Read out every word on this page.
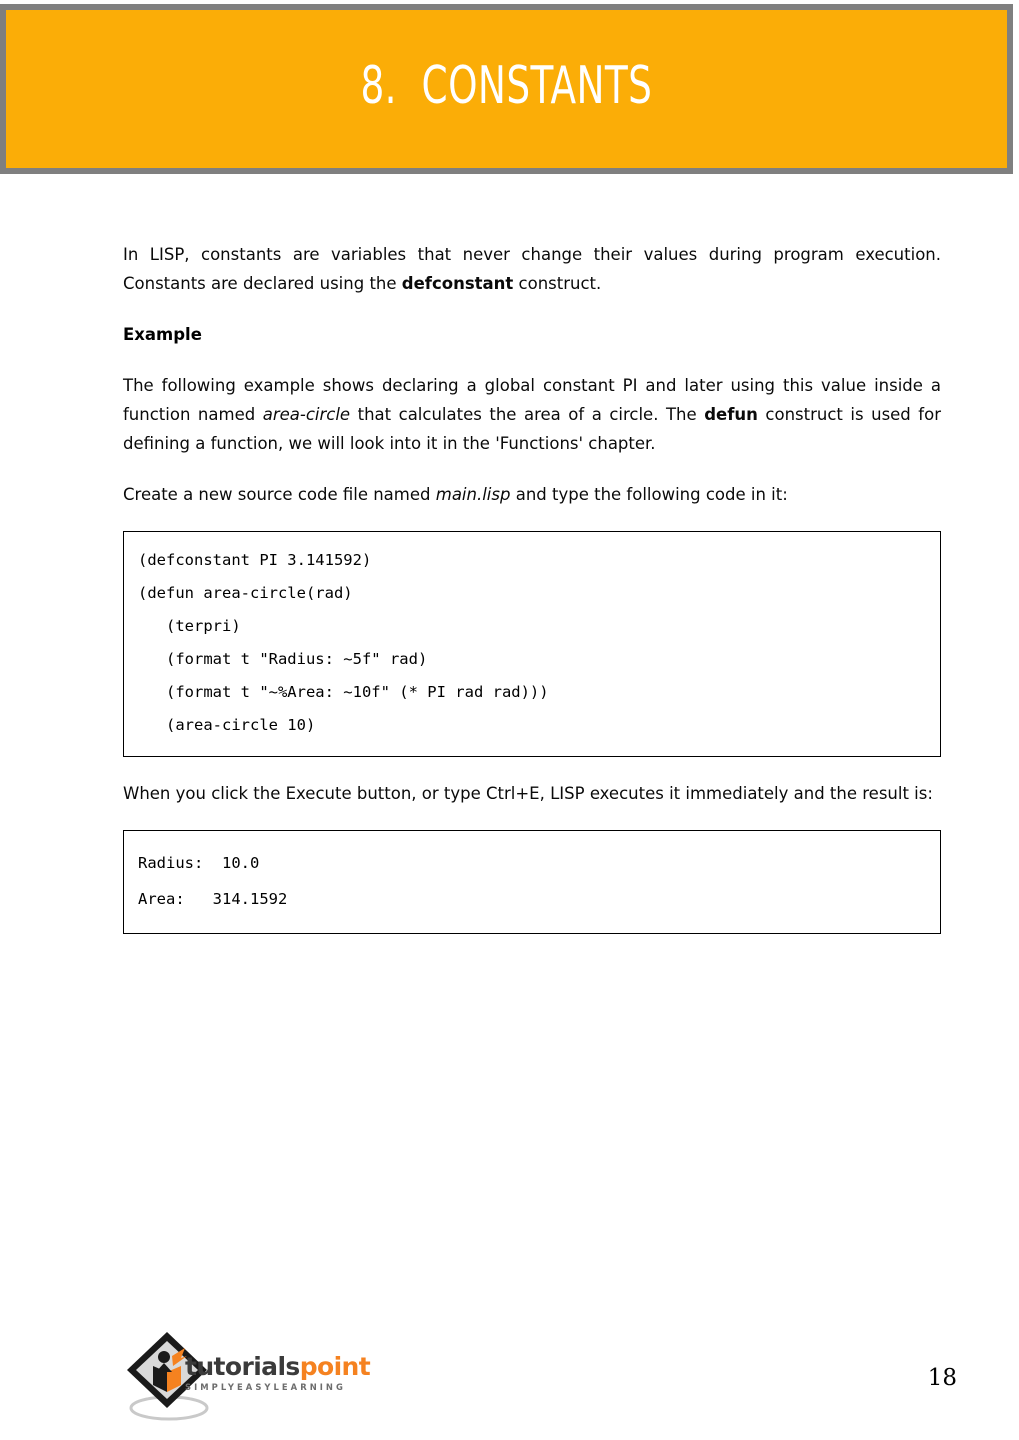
8.  CONSTANTS

In LISP, constants are variables that never change their values during program execution. Constants are declared using the defconstant construct.

Example

The following example shows declaring a global constant PI and later using this value inside a function named area-circle that calculates the area of a circle. The defun construct is used for defining a function, we will look into it in the 'Functions' chapter.

Create a new source code file named main.lisp and type the following code in it:

(defconstant PI 3.141592)
(defun area-circle(rad)
(terpri)
(format t "Radius: ~5f" rad)
(format t "~%Area: ~10f" (* PI rad rad)))
(area-circle 10)

When you click the Execute button, or type Ctrl+E, LISP executes it immediately and the result is:

Radius:  10.0
Area:   314.1592
tutorialspoint
SIMPLYEASYLEARNING	18
